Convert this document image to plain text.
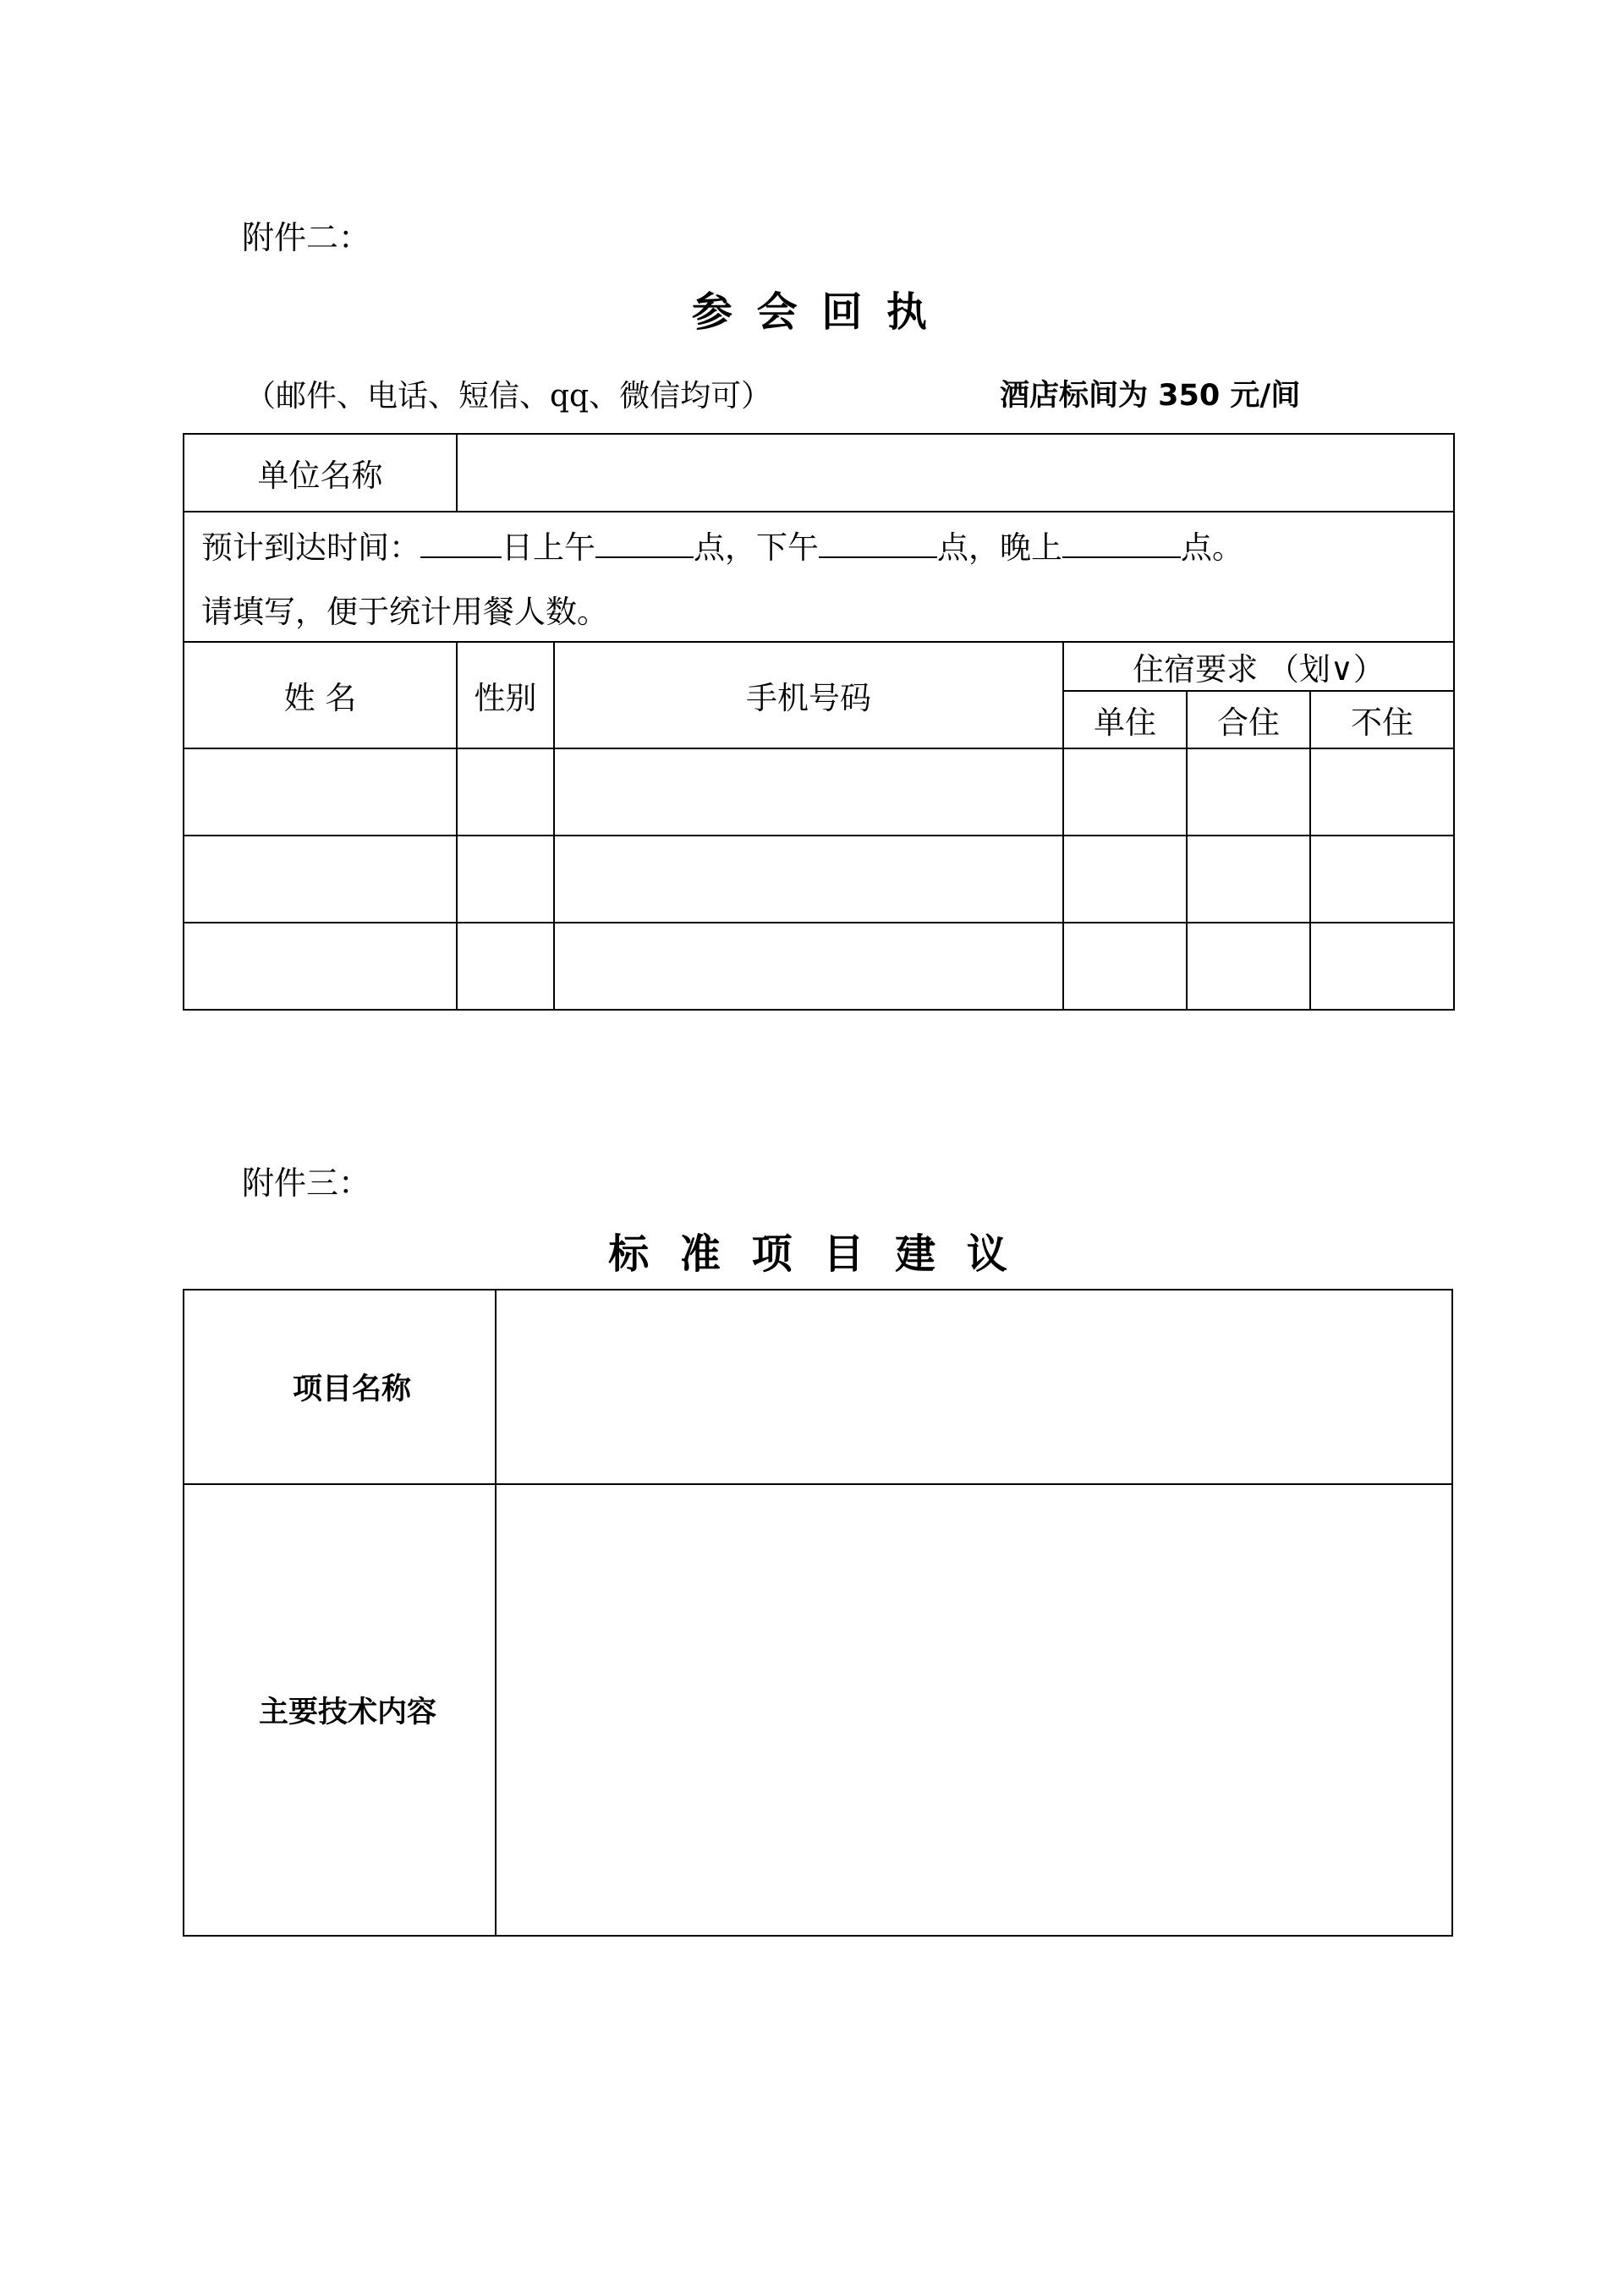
附件二：
参 会 回 执
（邮件、电话、短信、qq、微信均可）	酒店标间为 350 元/间
单位名称					

预计到达时间： 日上午 点，下午 点，晚上 点。
请填写，便于统计用餐人数。					

姓 名	性别	手机号码	住宿要求 （划∨）		
			单住	合住	不住

附件三：
标 准 项 目 建 议
项目名称	
主要技术内容	
